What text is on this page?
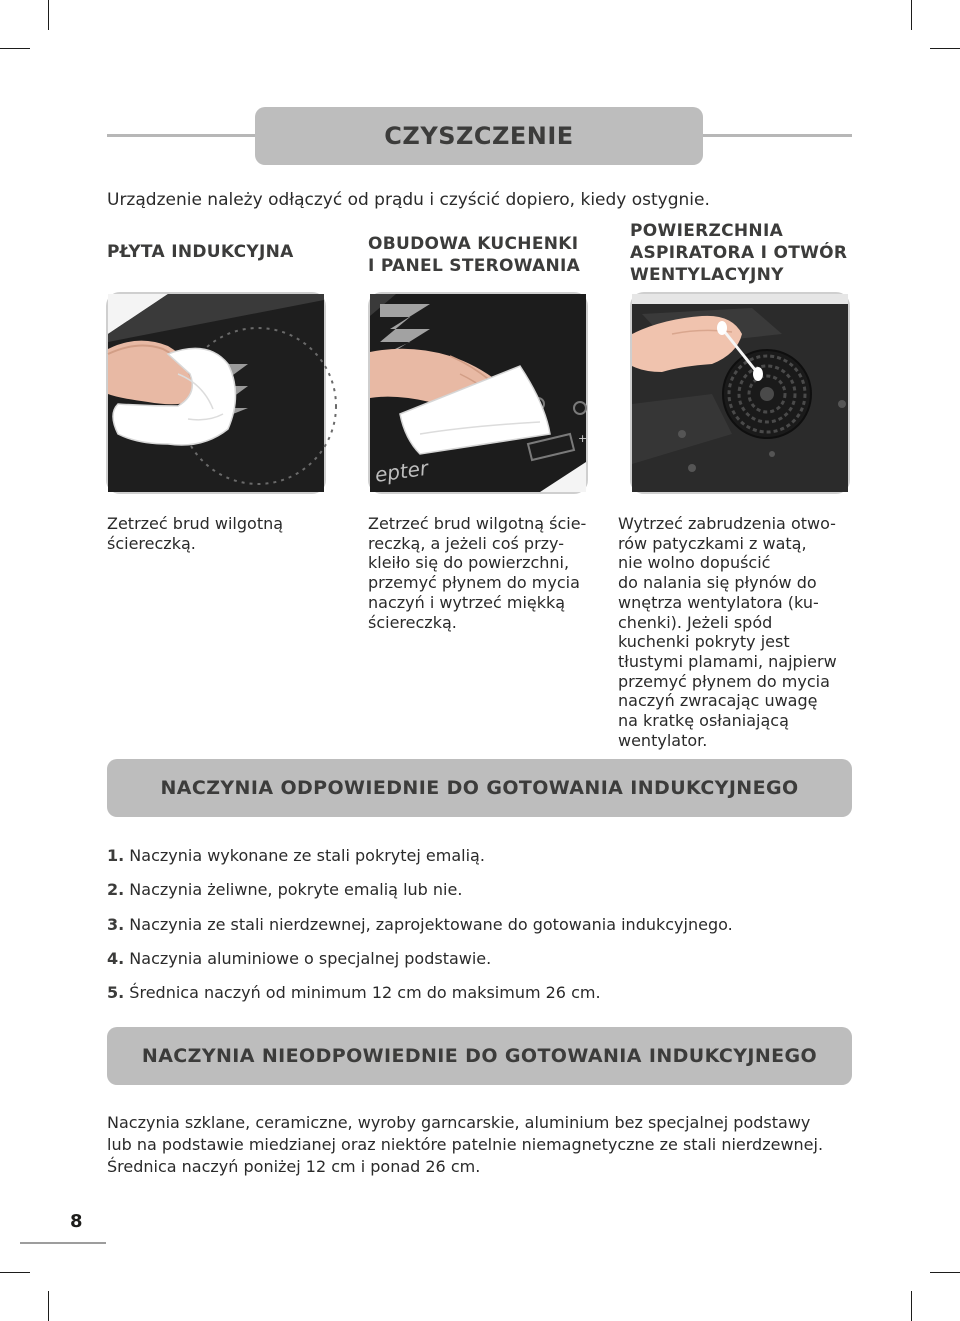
CZYSZCZENIE

Urządzenie należy odłączyć od prądu i czyścić dopiero, kiedy ostygnie.

PŁYTA INDUKCYJNA	OBUDOWA KUCHENKI
I PANEL STEROWANIA

POWIERZCHNIA
ASPIRATORA I OTWÓR
WENTYLACYJNY

+
epter

Zetrzeć brud wilgotną
ściereczką.

Zetrzeć brud wilgotną ście-
reczką, a jeżeli coś przy-
kleiło się do powierzchni,
przemyć płynem do mycia
naczyń i wytrzeć miękką
ściereczką.

Wytrzeć zabrudzenia otwo-
rów patyczkami z watą,
nie wolno dopuścić
do nalania się płynów do
wnętrza wentylatora (ku-
chenki). Jeżeli spód
kuchenki pokryty jest
tłustymi plamami, najpierw
przemyć płynem do mycia
naczyń zwracając uwagę
na kratkę osłaniającą
wentylator.

NACZYNIA ODPOWIEDNIE DO GOTOWANIA INDUKCYJNEGO
1. Naczynia wykonane ze stali pokrytej emalią.
2. Naczynia żeliwne, pokryte emalią lub nie.
3. Naczynia ze stali nierdzewnej, zaprojektowane do gotowania indukcyjnego.
4. Naczynia aluminiowe o specjalnej podstawie.
5. Średnica naczyń od minimum 12 cm do maksimum 26 cm.
NACZYNIA NIEODPOWIEDNIE DO GOTOWANIA INDUKCYJNEGO

Naczynia szklane, ceramiczne, wyroby garncarskie, aluminium bez specjalnej podstawy
lub na podstawie miedzianej oraz niektóre patelnie niemagnetyczne ze stali nierdzewnej.
Średnica naczyń poniżej 12 cm i ponad 26 cm.

8
